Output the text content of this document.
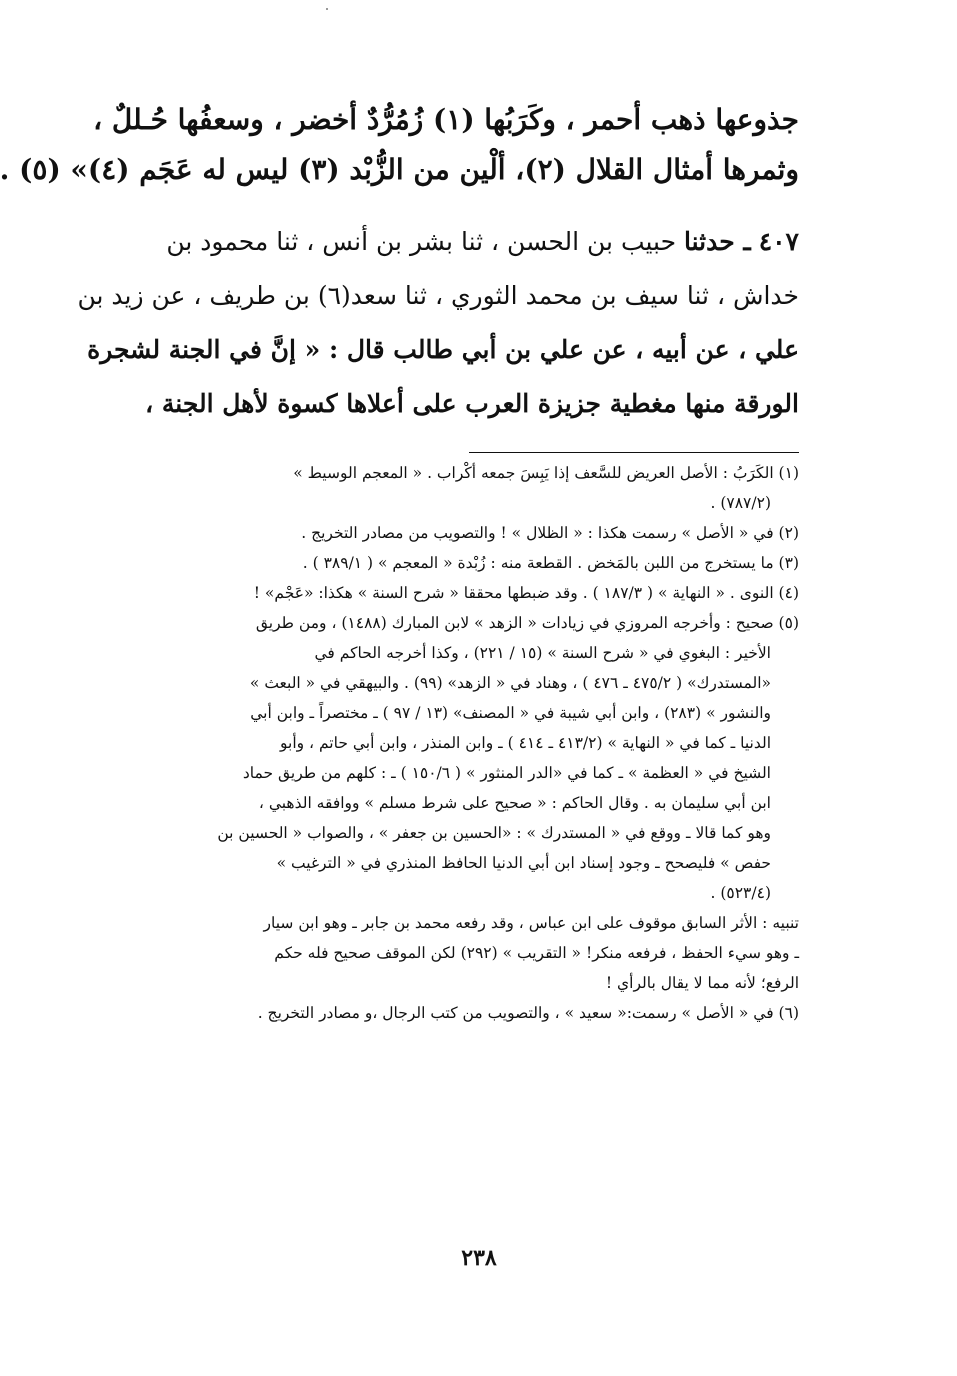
جذوعها ذهب أحمر ، وكَرَبُها (١) زُمُرُّدٌ أخضر ، وسعفُها حُـللٌ ،
وثمرها أمثال القلال (٢)، ألْين من الزُّبْد (٣) ليس له عَجَم (٤)» (٥) .
٤٠٧ ـ حدثنا حبيب بن الحسن ، ثنا بشر بن أنس ، ثنا محمود بن
خداش ، ثنا سيف بن محمد الثوري ، ثنا سعد(٦) بن طريف ، عن زيد بن
علي ، عن أبيه ، عن علي بن أبي طالب قال : « إنَّ في الجنة لشجرة
الورقة منها مغطية جزيزة العرب على أعلاها كسوة لأهل الجنة ،
(١) الكَرَبُ : الأصل العريض للسَّعف إذا يَبِسَ جمعه أكْراب . « المعجم الوسيط »
(٧٨٧/٢) .
(٢) في « الأصل » رسمت هكذا : « الظلال » ! والتصويب من مصادر التخريج .
(٣) ما يستخرج من اللبن بالمَخض . القطعة منه : زُبْدة « المعجم » ( ٣٨٩/١ ) .
(٤) النوى . « النهاية » ( ١٨٧/٣ ) . وقد ضبطها محققا « شرح السنة » هكذا: «عَجْم» !
(٥) صحيح : وأخرجه المروزي في زيادات « الزهد » لابن المبارك (١٤٨٨) ، ومن طريق
الأخير : البغوي في « شرح السنة » (١٥ / ٢٢١) ، وكذا أخرجه الحاكم في
«المستدرك» ( ٤٧٥/٢ ـ ٤٧٦ ) ، وهناد في « الزهد» (٩٩) . والبيهقي في « البعث »
والنشور » (٢٨٣) ، وابن أبي شيبة في « المصنف» (١٣ / ٩٧ ) ـ مختصراً ـ وابن أبي
الدنيا ـ كما في « النهاية » (٤١٣/٢ ـ ٤١٤ ) ـ وابن المنذر ، وابن أبي حاتم ، وأبو
الشيخ في « العظمة » ـ كما في «الدر المنثور » ( ١٥٠/٦ ) ـ : كلهم من طريق حماد
ابن أبي سليمان به . وقال الحاكم : « صحيح على شرط مسلم » ووافقه الذهبي ،
وهو كما قالا ـ ووقع في « المستدرك » : «الحسين بن جعفر » ، والصواب « الحسين بن
حفص » فليصحح ـ وجود إسناد ابن أبي الدنيا الحافظ المنذري في « الترغيب »
(٥٢٣/٤) .
تنبيه : الأثر السابق موقوف على ابن عباس ، وقد رفعه محمد بن جابر ـ وهو ابن سيار
ـ وهو سيء الحفظ ، فرفعه منكر! « التقريب » (٢٩٢) لكن الموقف صحيح فله حكم
الرفع؛ لأنه مما لا يقال بالرأي !
(٦) في « الأصل » رسمت:« سعيد » ، والتصويب من كتب الرجال ،و مصادر التخريج .
٢٣٨
